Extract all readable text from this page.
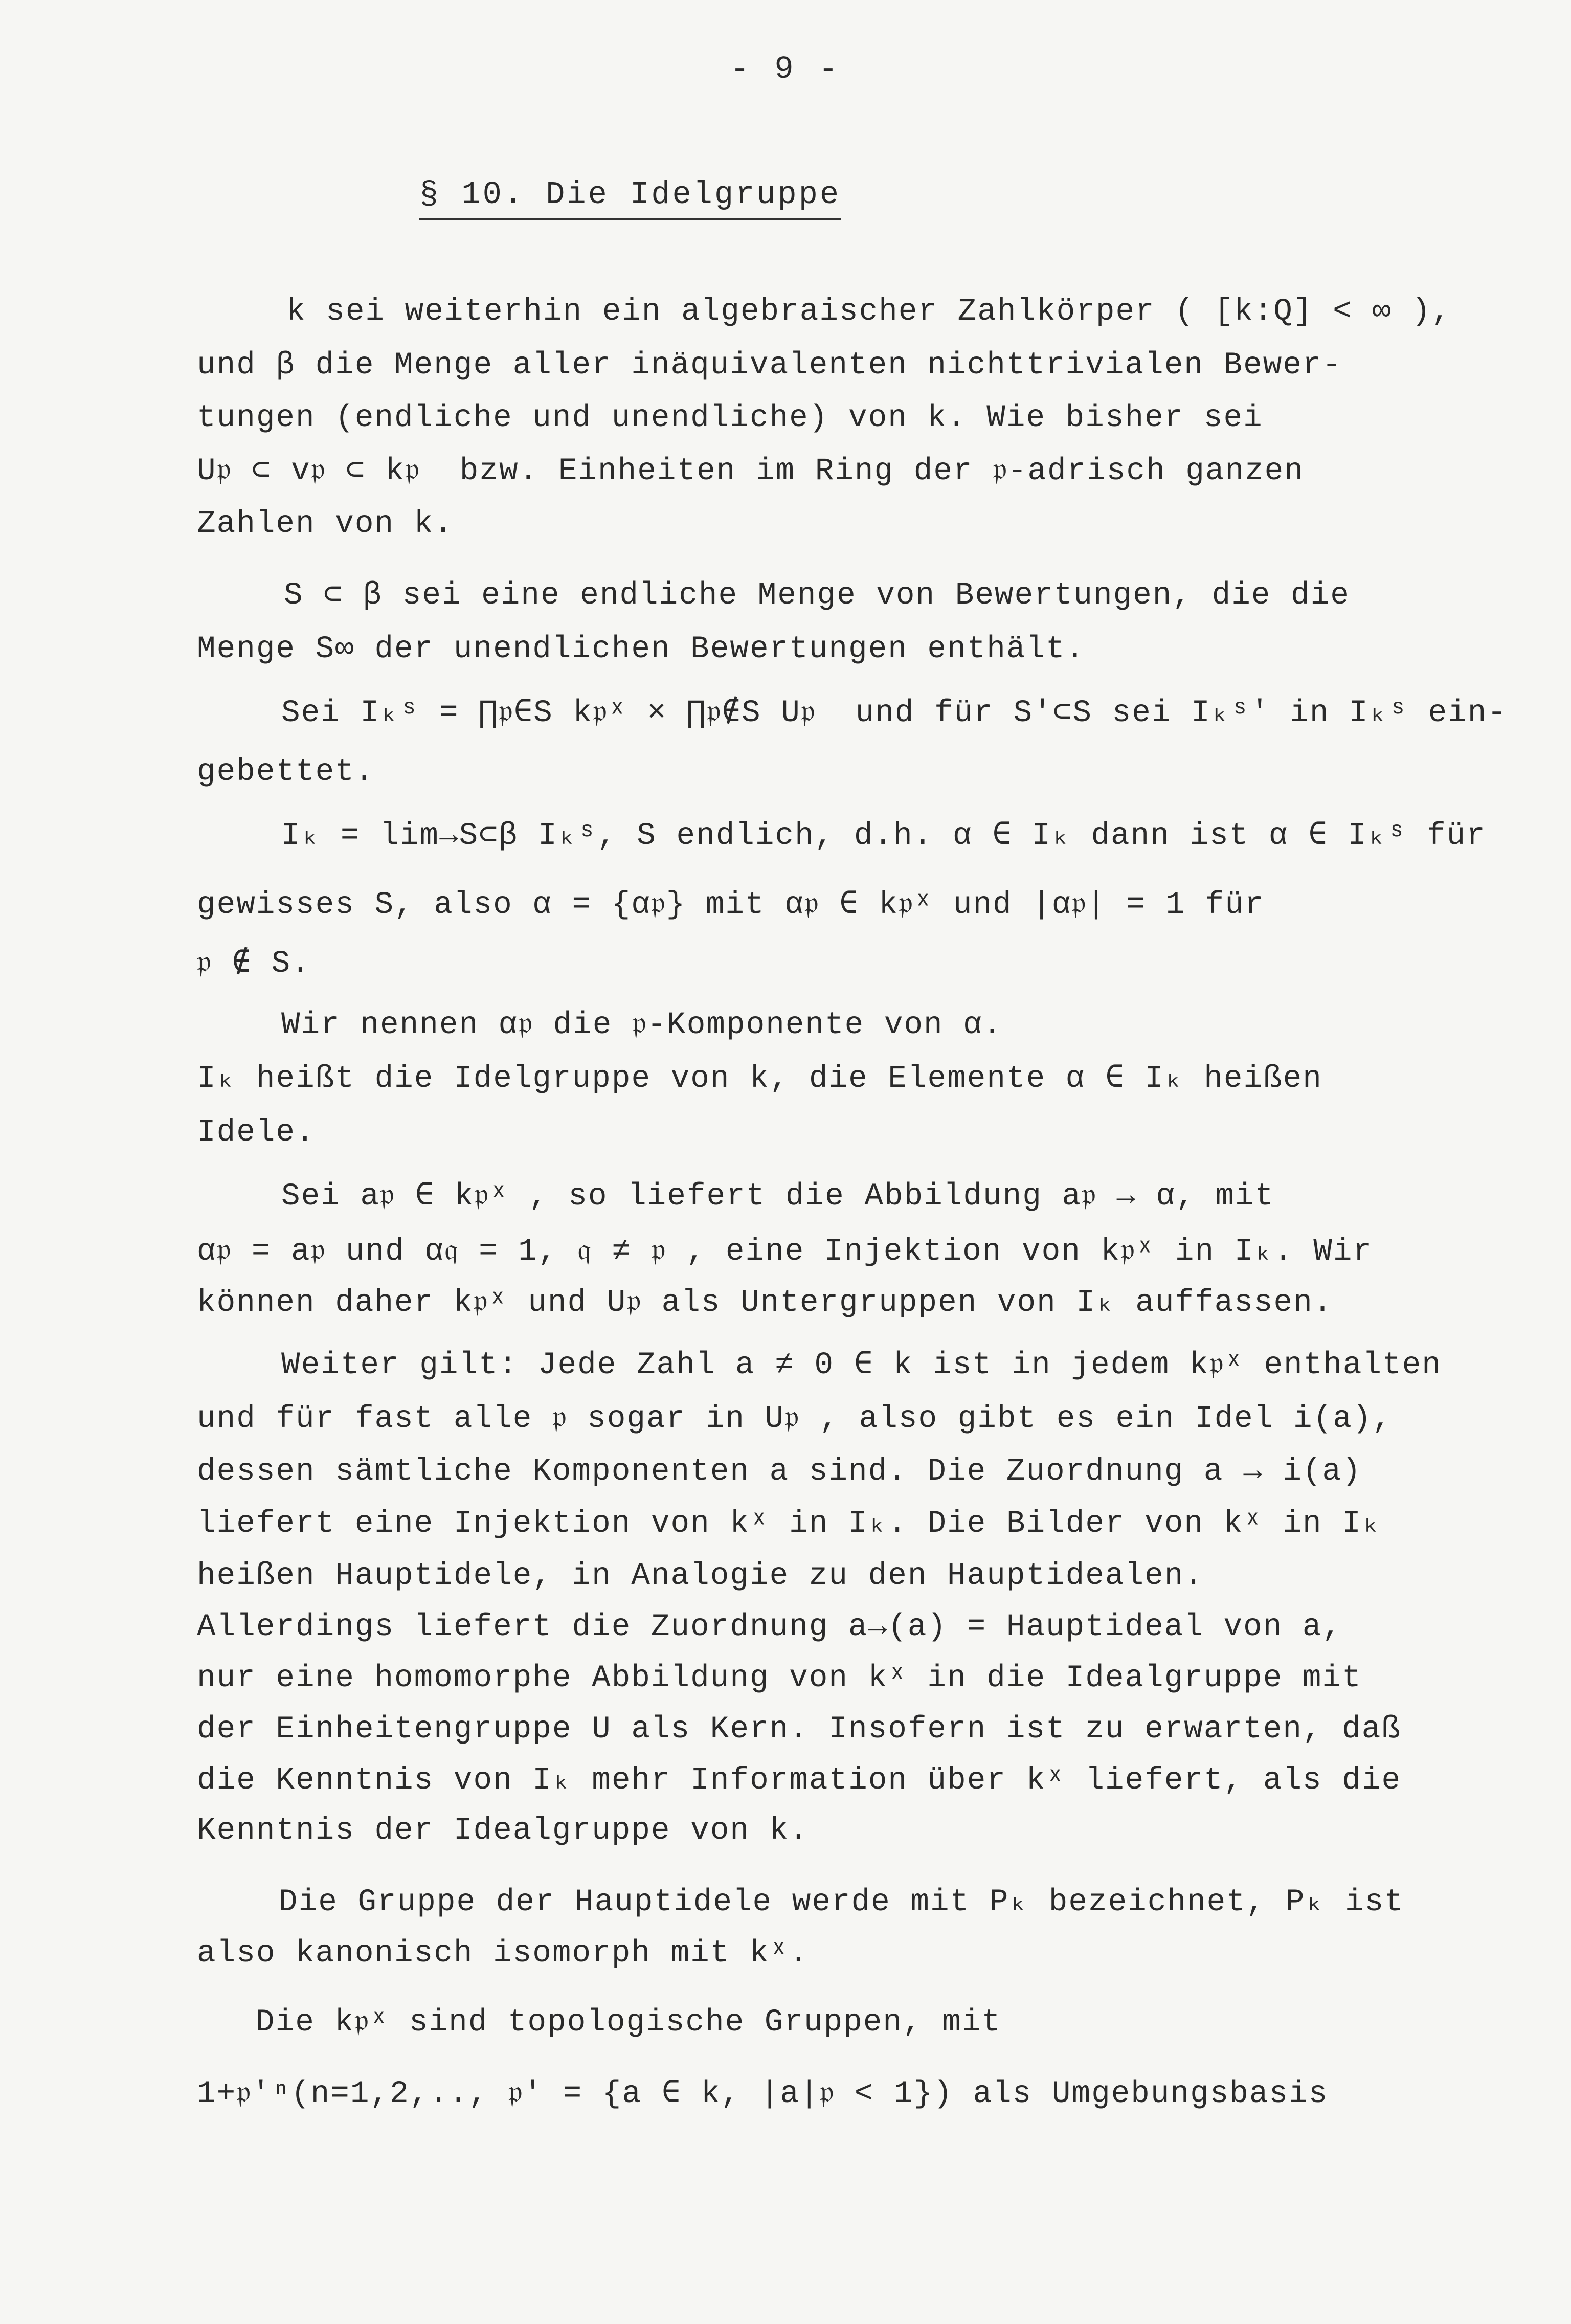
- 9 -
§ 10. Die Idelgruppe
k sei weiterhin ein algebraischer Zahlkörper ( [k:Q] < ∞ ),
und β die Menge aller inäquivalenten nichttrivialen Bewer-
tungen (endliche und unendliche) von k. Wie bisher sei
U𝔭 ⊂ v𝔭 ⊂ k𝔭  bzw. Einheiten im Ring der 𝔭-adrisch ganzen
Zahlen von k.
S ⊂ β sei eine endliche Menge von Bewertungen, die die
Menge S∞ der unendlichen Bewertungen enthält.
Sei Iₖˢ = ∏𝔭∈S k𝔭ˣ × ∏𝔭∉S U𝔭  und für S'⊂S sei Iₖˢ' in Iₖˢ ein-
gebettet.
Iₖ = lim→S⊂β Iₖˢ, S endlich, d.h. α ∈ Iₖ dann ist α ∈ Iₖˢ für
gewisses S, also α = {α𝔭} mit α𝔭 ∈ k𝔭ˣ und |α𝔭| = 1 für
𝔭 ∉ S.
Wir nennen α𝔭 die 𝔭-Komponente von α.
Iₖ heißt die Idelgruppe von k, die Elemente α ∈ Iₖ heißen
Idele.
Sei a𝔭 ∈ k𝔭ˣ , so liefert die Abbildung a𝔭 → α, mit
α𝔭 = a𝔭 und α𝔮 = 1, 𝔮 ≠ 𝔭 , eine Injektion von k𝔭ˣ in Iₖ. Wir
können daher k𝔭ˣ und U𝔭 als Untergruppen von Iₖ auffassen.
Weiter gilt: Jede Zahl a ≠ 0 ∈ k ist in jedem k𝔭ˣ enthalten
und für fast alle 𝔭 sogar in U𝔭 , also gibt es ein Idel i(a),
dessen sämtliche Komponenten a sind. Die Zuordnung a → i(a)
liefert eine Injektion von kˣ in Iₖ. Die Bilder von kˣ in Iₖ
heißen Hauptidele, in Analogie zu den Hauptidealen.
Allerdings liefert die Zuordnung a→(a) = Hauptideal von a,
nur eine homomorphe Abbildung von kˣ in die Idealgruppe mit
der Einheitengruppe U als Kern. Insofern ist zu erwarten, daß
die Kenntnis von Iₖ mehr Information über kˣ liefert, als die
Kenntnis der Idealgruppe von k.
Die Gruppe der Hauptidele werde mit Pₖ bezeichnet, Pₖ ist
also kanonisch isomorph mit kˣ.
Die k𝔭ˣ sind topologische Gruppen, mit
1+𝔭'ⁿ(n=1,2,.., 𝔭' = {a ∈ k, |a|𝔭 < 1}) als Umgebungsbasis
